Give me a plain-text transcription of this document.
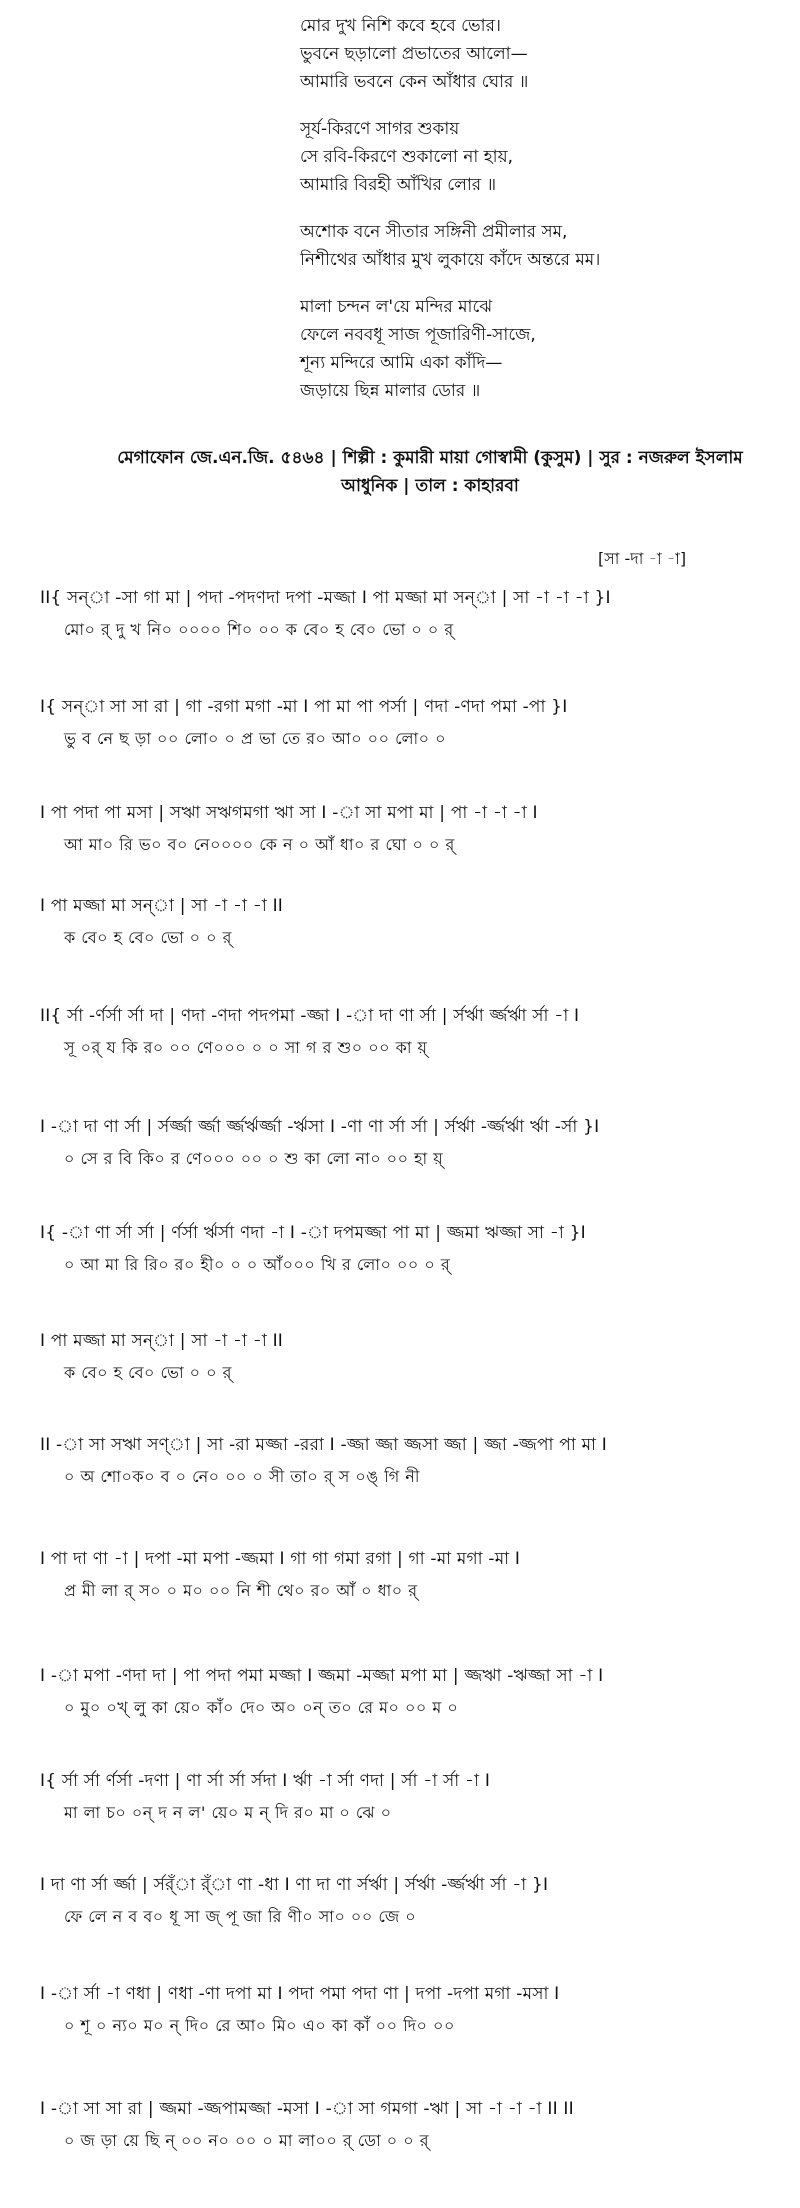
মোর দুখ নিশি কবে হবে ভোর।
ভুবনে ছড়ালো প্রভাতের আলো—
আমারি ভবনে কেন আঁধার ঘোর ॥
সূর্য-কিরণে সাগর শুকায়
সে রবি-কিরণে শুকালো না হায়,
আমারি বিরহী আঁখির লোর ॥
অশোক বনে সীতার সঙ্গিনী প্রমীলার সম,
নিশীথের আঁধার মুখ লুকায়ে কাঁদে অন্তরে মম।
মালা চন্দন ল'য়ে মন্দির মাঝে
ফেলে নববধূ সাজ পূজারিণী-সাজে,
শূন্য মন্দিরে আমি একা কাঁদি—
জড়ায়ে ছিন্ন মালার ডোর ॥
মেগাফোন জে.এন.জি. ৫৪৬৪ | শিল্পী : কুমারী মায়া গোস্বামী (কুসুম) | সুর : নজরুল ইসলাম
আধুনিক | তাল : কাহারবা
[সা -দা -া -া]
II{ সন্া -সা গা মা | পদা -পদণদা দপা -মজ্জা I পা মজ্জা মা সন্া | সা -া -া -া }I
মো০ র্ দু খ নি০ ০০০০ শি০ ০০ ক বে০ হ বে০ ভো ০ ০ র্
I{ সন্া সা সা রা | গা -রগা মগা -মা I পা মা পা পর্সা | ণদা -ণদা পমা -পা }I
ভু ব নে ছ ড়া ০০ লো০ ০ প্র ভা তে র০ আ০ ০০ লো০ ০
I পা পদা পা মসা | সঋা সঋগমগা ঋা সা I -া সা মপা মা | পা -া -া -া I
আ মা০ রি ভ০ ব০ নে০০০০ কে ন ০ আঁ ধা০ র ঘো ০ ০ র্
I পা মজ্জা মা সন্া | সা -া -া -া II
ক বে০ হ বে০ ভো ০ ০ র্
II{ র্সা -র্ণর্সা র্সা দা | ণদা -ণদা পদপমা -জ্জা I -া দা ণা র্সা | র্সর্ঋা র্জ্জর্ঋা র্সা -া I
সূ ০র্ য কি র০ ০০ ণে০০০ ০ ০ সা গ র শু০ ০০ কা য়্
I -া দা ণা র্সা | র্সর্জ্জা র্জ্জা র্জ্জর্ঋর্জ্জা -র্ঋসা I -ণা ণা র্সা র্সা | র্সর্ঋা -র্জ্জর্ঋা র্ঋা -র্সা }I
০ সে র বি কি০ র ণে০০০ ০০ ০ শু কা লো না০ ০০ হা য়্
I{ -া ণা র্সা র্সা | র্ণর্সা র্ঋর্সা ণদা -া I -া দপমজ্জা পা মা | জ্জমা ঋজ্জা সা -া }I
০ আ মা রি রি০ র০ হী০ ০ ০ আঁ০০০ খি র লো০ ০০ ০ র্
I পা মজ্জা মা সন্া | সা -া -া -া II
ক বে০ হ বে০ ভো ০ ০ র্
II -া সা সঋা সণ্া | সা -রা মজ্জা -ররা I -জ্জা জ্জা জ্জসা জ্জা | জ্জা -জ্জপা পা মা I
০ অ শো০ক০ ব ০ নে০ ০০ ০ সী তা০ র্ স ০ঙ্ গি নী
I পা দা ণা -া | দপা -মা মপা -জ্জমা I গা গা গমা রগা | গা -মা মগা -মা I
প্র মী লা র্ স০ ০ ম০ ০০ নি শী থে০ র০ আঁ ০ ধা০ র্
I -া মপা -ণদা দা | পা পদা পমা মজ্জা I জ্জমা -মজ্জা মপা মা | জ্জঋা -ঋজ্জা সা -া I
০ মু০ ০খ্ লু কা য়ে০ কাঁ০ দে০ অ০ ০ন্ ত০ রে ম০ ০০ ম ০
I{ র্সা র্সা র্ণর্সা -দণা | ণা র্সা র্সা র্সদা I র্ঋা -া র্সা ণদা | র্সা -া র্সা -া I
মা লা চ০ ০ন্ দ ন ল' য়ে০ ম ন্ দি র০ মা ০ ঝে ০
I দা ণা র্সা র্জ্জা | র্সর্ঁা র্ঁা ণা -ধা I ণা দা ণা র্সর্ঋা | র্সর্ঋা -র্জ্জর্ঋা র্সা -া }I
ফে লে ন ব ব০ ধূ সা জ্ পূ জা রি ণী০ সা০ ০০ জে ০
I -া র্সা -া ণধা | ণধা -ণা দপা মা I পদা পমা পদা ণা | দপা -দপা মগা -মসা I
০ শূ ০ ন্য০ ম০ ন্ দি০ রে আ০ মি০ এ০ কা কাঁ ০০ দি০ ০০
I -া সা সা রা | জ্জমা -জ্জপামজ্জা -মসা I -া সা গমগা -ঋা | সা -া -া -া II II
০ জ ড়া য়ে ছি ন্ ০০ ন০ ০০ ০ মা লা০০ র্ ডো ০ ০ র্
